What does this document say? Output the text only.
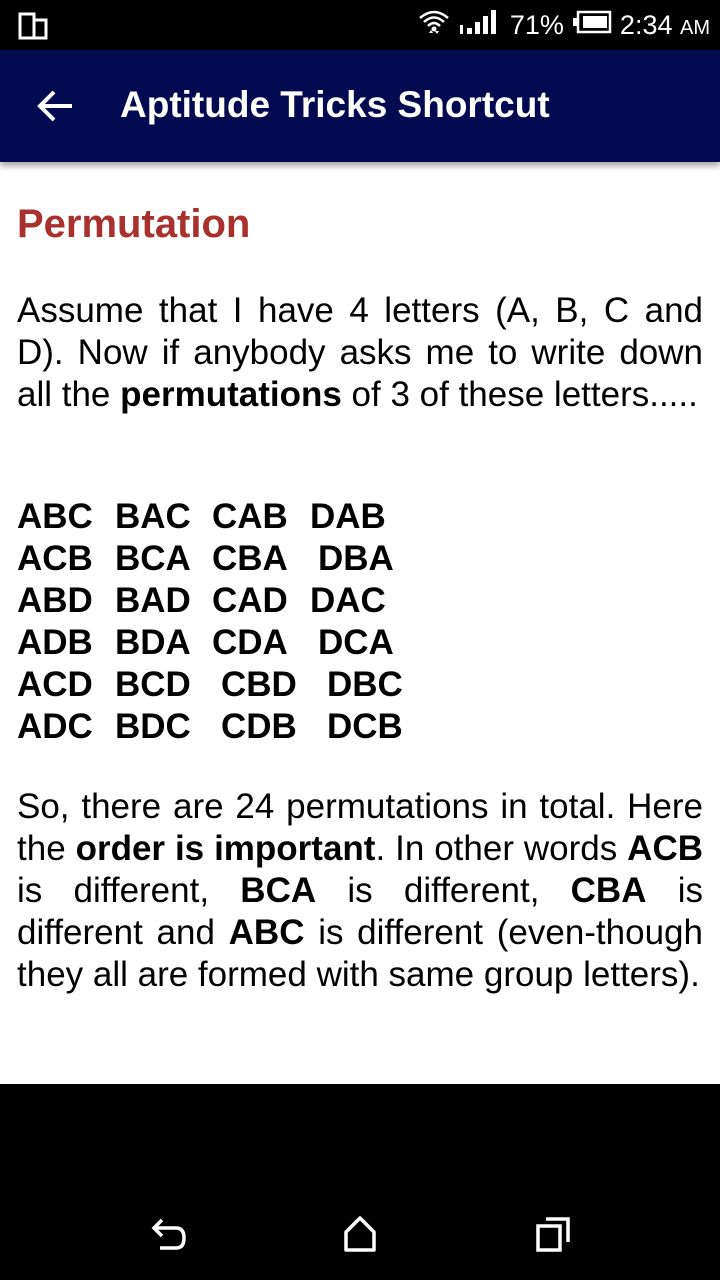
71% 2:34 AM
Aptitude Tricks Shortcut
Permutation

Assume that I have 4 letters (A, B, C and D). Now if anybody asks me to write down all the permutations of 3 of these letters.....

ABC BAC CAB DAB
ACB BCA CBA DBA
ABD BAD CAD DAC
ADB BDA CDA DCA
ACD BCD CBD DBC
ADC BDC CDB DCB

So, there are 24 permutations in total. Here the order is important. In other words ACB is different, BCA is different, CBA is different and ABC is different (even-though they all are formed with same group letters).
